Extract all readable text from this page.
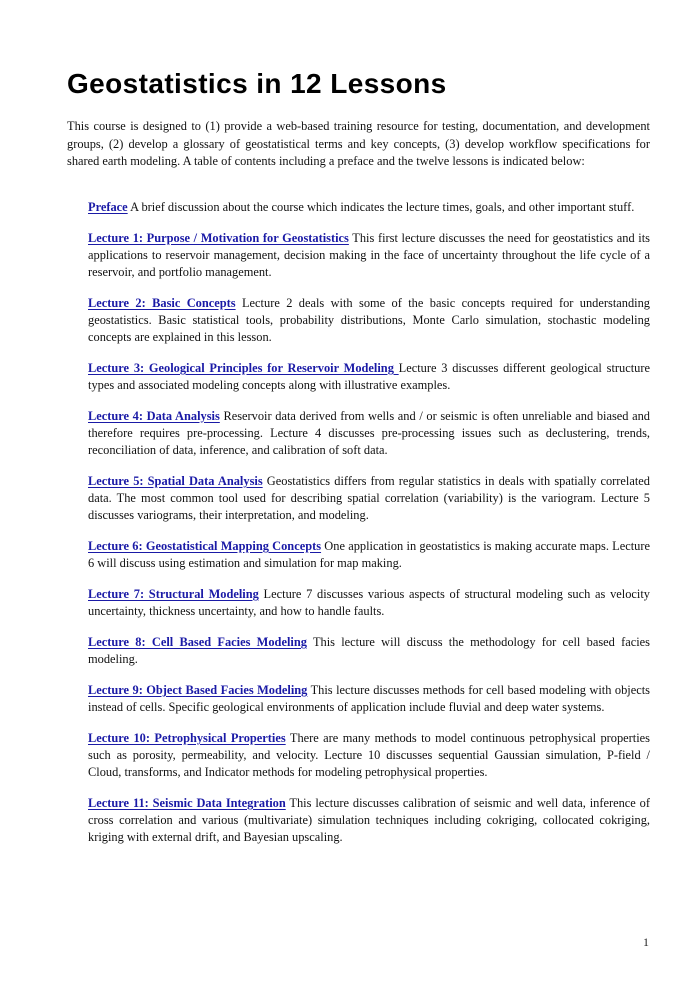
Geostatistics in 12 Lessons

This course is designed to (1) provide a web-based training resource for testing, documentation, and development groups, (2) develop a glossary of geostatistical terms and key concepts, (3) develop workflow specifications for shared earth modeling. A table of contents including a preface and the twelve lessons is indicated below:

Preface A brief discussion about the course which indicates the lecture times, goals, and other important stuff.

Lecture 1: Purpose / Motivation for Geostatistics This first lecture discusses the need for geostatistics and its applications to reservoir management, decision making in the face of uncertainty throughout the life cycle of a reservoir, and portfolio management.

Lecture 2: Basic Concepts Lecture 2 deals with some of the basic concepts required for understanding geostatistics. Basic statistical tools, probability distributions, Monte Carlo simulation, stochastic modeling concepts are explained in this lesson.

Lecture 3: Geological Principles for Reservoir Modeling Lecture 3 discusses different geological structure types and associated modeling concepts along with illustrative examples.

Lecture 4: Data Analysis Reservoir data derived from wells and / or seismic is often unreliable and biased and therefore requires pre-processing. Lecture 4 discusses pre-processing issues such as declustering, trends, reconciliation of data, inference, and calibration of soft data.

Lecture 5: Spatial Data Analysis Geostatistics differs from regular statistics in deals with spatially correlated data. The most common tool used for describing spatial correlation (variability) is the variogram. Lecture 5 discusses variograms, their interpretation, and modeling.

Lecture 6: Geostatistical Mapping Concepts One application in geostatistics is making accurate maps. Lecture 6 will discuss using estimation and simulation for map making.

Lecture 7: Structural Modeling Lecture 7 discusses various aspects of structural modeling such as velocity uncertainty, thickness uncertainty, and how to handle faults.

Lecture 8: Cell Based Facies Modeling This lecture will discuss the methodology for cell based facies modeling.

Lecture 9: Object Based Facies Modeling This lecture discusses methods for cell based modeling with objects instead of cells. Specific geological environments of application include fluvial and deep water systems.

Lecture 10: Petrophysical Properties There are many methods to model continuous petrophysical properties such as porosity, permeability, and velocity. Lecture 10 discusses sequential Gaussian simulation, P-field / Cloud, transforms, and Indicator methods for modeling petrophysical properties.

Lecture 11: Seismic Data Integration This lecture discusses calibration of seismic and well data, inference of cross correlation and various (multivariate) simulation techniques including cokriging, collocated cokriging, kriging with external drift, and Bayesian upscaling.

1
